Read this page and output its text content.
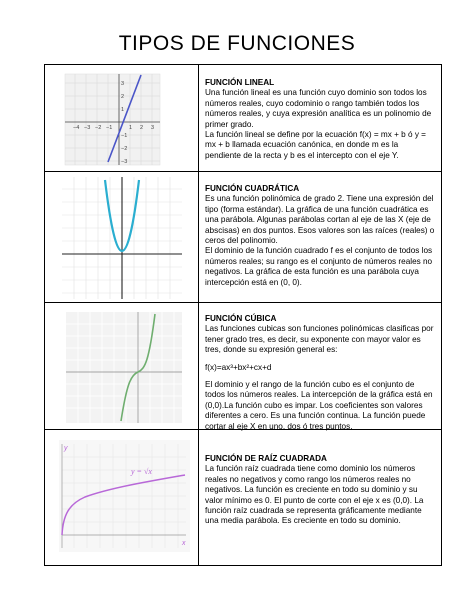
TIPOS DE FUNCIONES
−4 −3 −2 −1	1 2 3
3
2
1
−1
−2
−3
FUNCIÓN LINEAL

Una función lineal es una función cuyo dominio son todos los números reales, cuyo codominio o rango también todos los números reales, y cuya expresión analítica es un polinomio de primer grado.

La función lineal se define por la ecuación f(x) = mx + b ó y = mx + b llamada ecuación canónica, en donde m es la pendiente de la recta y b es el intercepto con el eje Y.

FUNCIÓN CUADRÁTICA

Es una función polinómica de grado 2. Tiene una expresión del tipo (forma estándar). La gráfica de una función cuadrática es una parábola. Algunas parábolas cortan al eje de las X (eje de abscisas) en dos puntos. Esos valores son las raíces (reales) o ceros del polinomio.

El dominio de la función cuadrado f es el conjunto de todos los números reales; su rango es el conjunto de números reales no negativos. La gráfica de esta función es una parábola cuya intercepción está en (0, 0).

FUNCIÓN CÚBICA

Las funciones cubicas son funciones polinómicas clasificas por tener grado tres, es decir, su exponente con mayor valor es tres, donde su expresión general es:

f(x)=ax³+bx²+cx+d

El dominio y el rango de la función cubo es el conjunto de todos los números reales. La intercepción de la gráfica está en (0,0).La función cubo es impar. Los coeficientes son valores diferentes a cero. Es una función continua. La función puede cortar al eje X en uno, dos ó tres puntos.

y
x
y = √x
FUNCIÓN DE RAÍZ CUADRADA

La función raíz cuadrada tiene como dominio los números reales no negativos y como rango los números reales no negativos. La función es creciente en todo su dominio y su valor mínimo es 0. El punto de corte con el eje x es (0,0). La función raíz cuadrada se representa gráficamente mediante una media parábola. Es creciente en todo su dominio.
